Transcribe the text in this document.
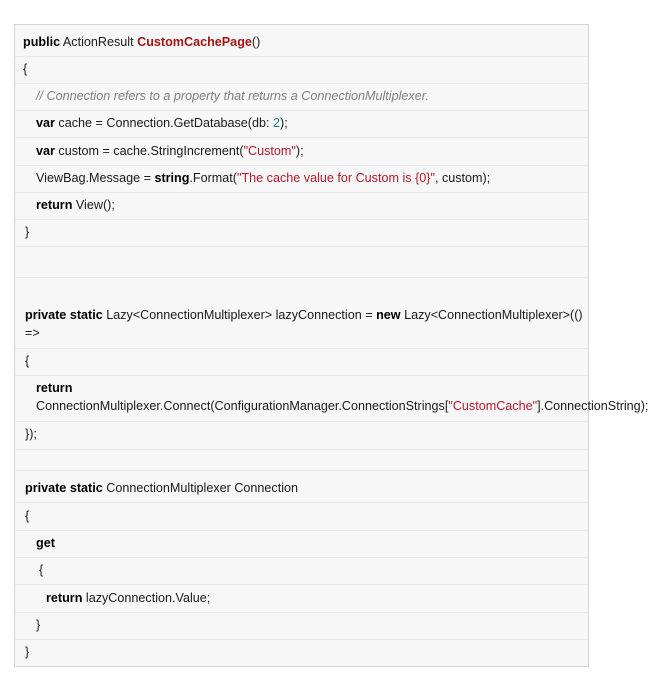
public ActionResult CustomCachePage()
{
// Connection refers to a property that returns a ConnectionMultiplexer.
var cache = Connection.GetDatabase(db: 2);
var custom = cache.StringIncrement("Custom");
ViewBag.Message = string.Format("The cache value for Custom is {0}", custom);
return View();
}
private static Lazy<ConnectionMultiplexer> lazyConnection = new Lazy<ConnectionMultiplexer>(() =>
{
return ConnectionMultiplexer.Connect(ConfigurationManager.ConnectionStrings["CustomCache"].ConnectionString);
});
private static ConnectionMultiplexer Connection
{
get
{
return lazyConnection.Value;
}
}
